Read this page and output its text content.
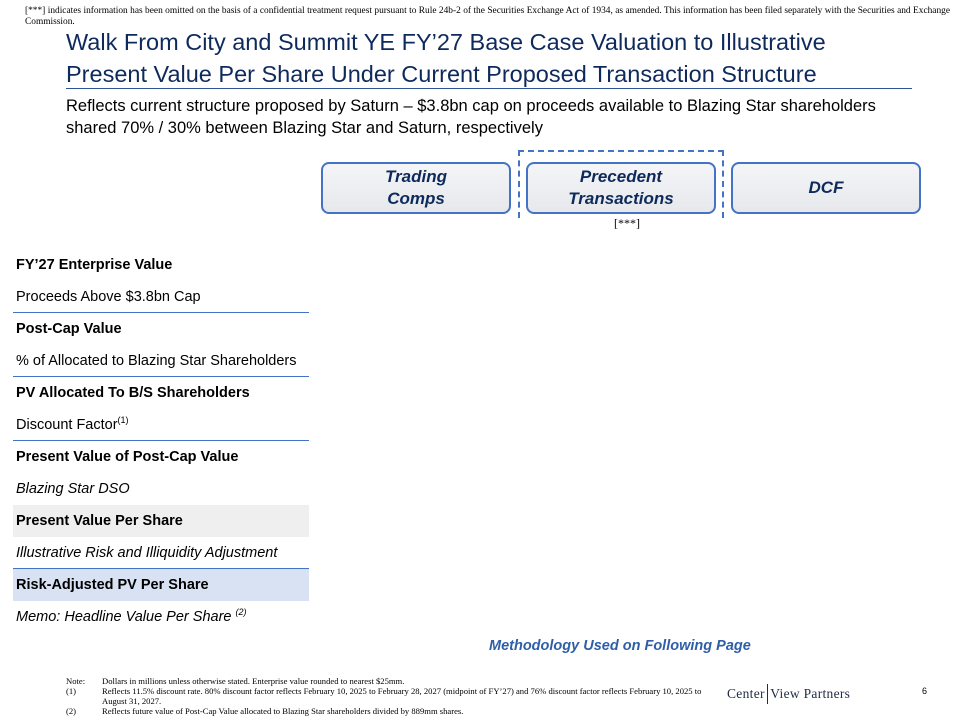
[***] indicates information has been omitted on the basis of a confidential treatment request pursuant to Rule 24b-2 of the Securities Exchange Act of 1934, as amended. This information has been filed separately with the Securities and Exchange Commission.
Walk From City and Summit YE FY’27 Base Case Valuation to Illustrative
Present Value Per Share Under Current Proposed Transaction Structure
Reflects current structure proposed by Saturn – $3.8bn cap on proceeds available to Blazing Star shareholders
shared 70% / 30% between Blazing Star and Saturn, respectively
Trading
Comps
Precedent
Transactions
DCF
[***]
FY’27 Enterprise Value
Proceeds Above $3.8bn Cap
Post-Cap Value
% of Allocated to Blazing Star Shareholders
PV Allocated To B/S Shareholders
Discount Factor$^{(1)}$
Present Value of Post-Cap Value
Blazing Star DSO
Present Value Per Share
Illustrative Risk and Illiquidity Adjustment
Risk-Adjusted PV Per Share
Memo: Headline Value Per Share $^{(2)}$
Methodology Used on Following Page
Note:	Dollars in millions unless otherwise stated. Enterprise value rounded to nearest $25mm.
(1)	Reflects 11.5% discount rate. 80% discount factor reflects February 10, 2025 to February 28, 2027 (midpoint of FY’27) and 76% discount factor reflects February 10, 2025 to August 31, 2027.
(2)	Reflects future value of Post-Cap Value allocated to Blazing Star shareholders divided by 889mm shares.
Center View Partners	6
